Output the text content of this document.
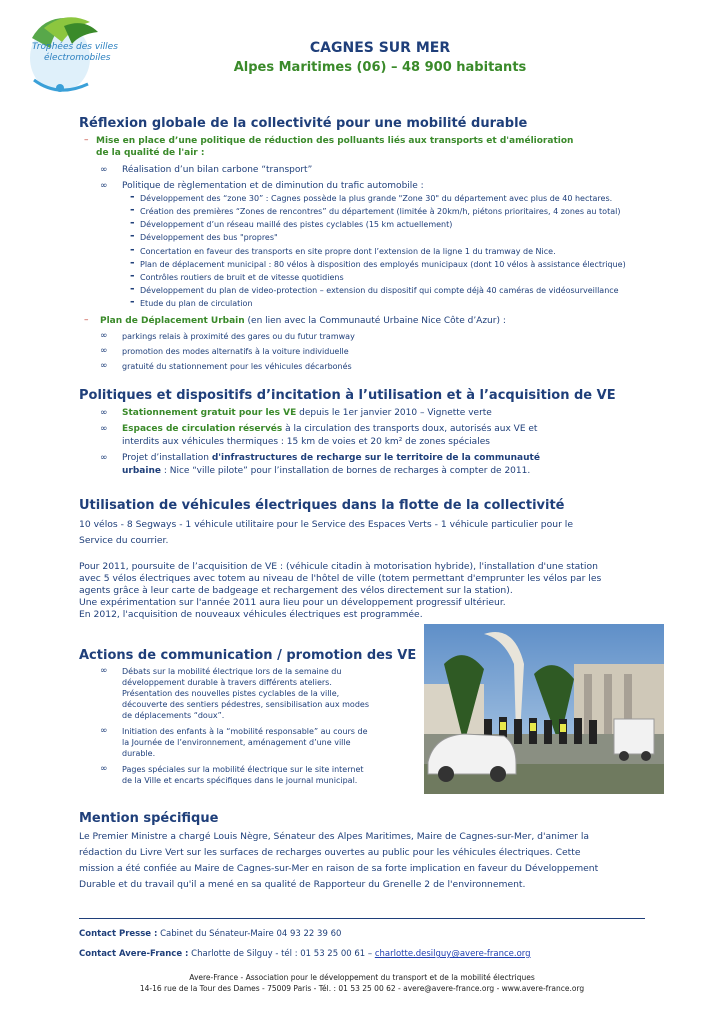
Trophées des villes
électromobiles
CAGNES SUR MER
Alpes Maritimes (06) – 48 900 habitants
Réflexion globale de la collectivité pour une mobilité durable
– Mise en place d’une politique de réduction des polluants liés aux transports et d'amélioration
de la qualité de l'air :
∞ Réalisation d’un bilan carbone “transport”
∞ Politique de règlementation et de diminution du trafic automobile :
- Développement des “zone 30” : Cagnes possède la plus grande "Zone 30" du département avec plus de 40 hectares.
- Création des premières “Zones de rencontres” du département (limitée à 20km/h, piétons prioritaires, 4 zones au total)
- Développement d’un réseau maillé des pistes cyclables (15 km actuellement)
- Développement des bus "propres"
- Concertation en faveur des transports en site propre dont l’extension de la ligne 1 du tramway de Nice.
- Plan de déplacement municipal : 80 vélos à disposition des employés municipaux (dont 10 vélos à assistance électrique)
- Contrôles routiers de bruit et de vitesse quotidiens
- Développement du plan de video-protection – extension du dispositif qui compte déjà 40 caméras de vidéosurveillance
- Etude du plan de circulation
– Plan de Déplacement Urbain (en lien avec la Communauté Urbaine Nice Côte d’Azur) :
∞ parkings relais à proximité des gares ou du futur tramway
∞ promotion des modes alternatifs à la voiture individuelle
∞ gratuité du stationnement pour les véhicules décarbonés
Politiques et dispositifs d’incitation à l’utilisation et à l’acquisition de VE
∞ Stationnement gratuit pour les VE depuis le 1er janvier 2010 – Vignette verte
∞ Espaces de circulation réservés à la circulation des transports doux, autorisés aux VE et
interdits aux véhicules thermiques : 15 km de voies et 20 km² de zones spéciales
∞ Projet d’installation d'infrastructures de recharge sur le territoire de la communauté
urbaine : Nice “ville pilote” pour l’installation de bornes de recharges à compter de 2011.
Utilisation de véhicules électriques dans la flotte de la collectivité
10 vélos - 8 Segways - 1 véhicule utilitaire pour le Service des Espaces Verts - 1 véhicule particulier pour le
Service du courrier.
Pour 2011, poursuite de l’acquisition de VE : (véhicule citadin à motorisation hybride), l'installation d'une station
avec 5 vélos électriques avec totem au niveau de l'hôtel de ville (totem permettant d'emprunter les vélos par les
agents grâce à leur carte de badgeage et rechargement des vélos directement sur la station).
Une expérimentation sur l'année 2011 aura lieu pour un développement progressif ultérieur.
En 2012, l'acquisition de nouveaux véhicules électriques est programmée.
Actions de communication / promotion des VE
∞ Débats sur la mobilité électrique lors de la semaine du
développement durable à travers différents ateliers.
Présentation des nouvelles pistes cyclables de la ville,
découverte des sentiers pédestres, sensibilisation aux modes
de déplacements “doux”.
∞ Initiation des enfants à la “mobilité responsable” au cours de
la Journée de l’environnement, aménagement d’une ville
durable.
∞ Pages spéciales sur la mobilité électrique sur le site internet
de la Ville et encarts spécifiques dans le journal municipal.
Mention spécifique
Le Premier Ministre a chargé Louis Nègre, Sénateur des Alpes Maritimes, Maire de Cagnes-sur-Mer, d'animer la
rédaction du Livre Vert sur les surfaces de recharges ouvertes au public pour les véhicules électriques. Cette
mission a été confiée au Maire de Cagnes-sur-Mer en raison de sa forte implication en faveur du Développement
Durable et du travail qu'il a mené en sa qualité de Rapporteur du Grenelle 2 de l'environnement.
Contact Presse : Cabinet du Sénateur-Maire 04 93 22 39 60
Contact Avere-France : Charlotte de Silguy - tél : 01 53 25 00 61 – charlotte.desilguy@avere-france.org
Avere-France - Association pour le développement du transport et de la mobilité électriques
14-16 rue de la Tour des Dames - 75009 Paris - Tél. : 01 53 25 00 62 - avere@avere-france.org - www.avere-france.org
